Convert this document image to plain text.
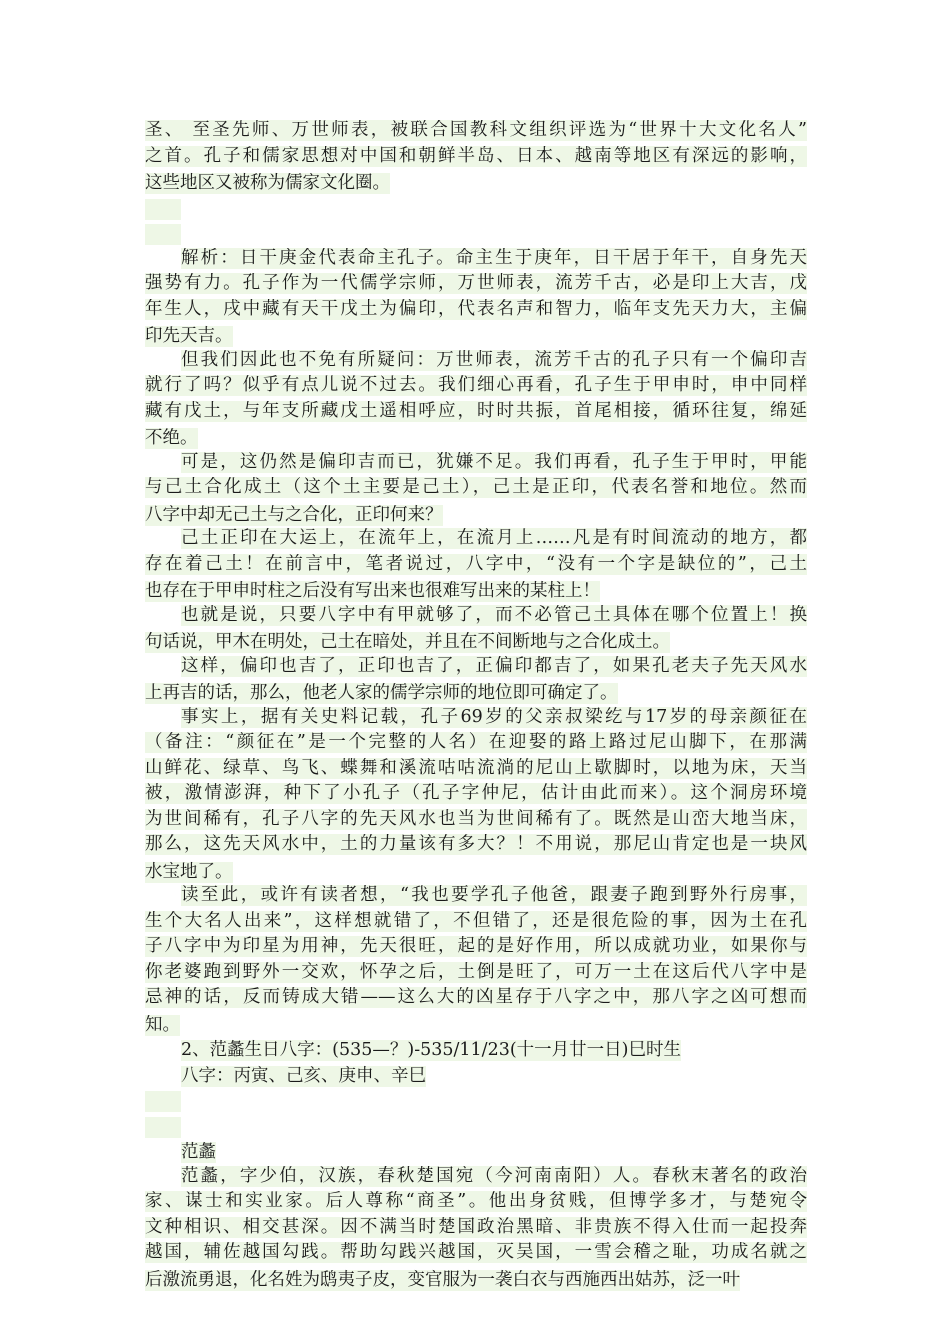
圣、 至圣先师、万世师表，被联合国教科文组织评选为“世界十大文化名人”
之首。孔子和儒家思想对中国和朝鲜半岛、日本、越南等地区有深远的影响，
这些地区又被称为儒家文化圈。
解析：日干庚金代表命主孔子。命主生于庚年，日干居于年干，自身先天
强势有力。孔子作为一代儒学宗师，万世师表，流芳千古，必是印上大吉，戊
年生人，戌中藏有天干戊土为偏印，代表名声和智力，临年支先天力大，主偏
印先天吉。
但我们因此也不免有所疑问：万世师表，流芳千古的孔子只有一个偏印吉
就行了吗？似乎有点儿说不过去。我们细心再看，孔子生于甲申时，申中同样
藏有戊土，与年支所藏戊土遥相呼应，时时共振，首尾相接，循环往复，绵延
不绝。
可是，这仍然是偏印吉而已，犹嫌不足。我们再看，孔子生于甲时，甲能
与己土合化成土（这个土主要是己土），己土是正印，代表名誉和地位。然而
八字中却无己土与之合化，正印何来？
己土正印在大运上，在流年上，在流月上……凡是有时间流动的地方，都
存在着己土！在前言中，笔者说过，八字中，“没有一个字是缺位的”，己土
也存在于甲申时柱之后没有写出来也很难写出来的某柱上！
也就是说，只要八字中有甲就够了，而不必管己土具体在哪个位置上！换
句话说，甲木在明处，己土在暗处，并且在不间断地与之合化成土。
这样，偏印也吉了，正印也吉了，正偏印都吉了，如果孔老夫子先天风水
上再吉的话，那么，他老人家的儒学宗师的地位即可确定了。
事实上，据有关史料记载，孔子69岁的父亲叔梁纥与17岁的母亲颜征在
（备注：“颜征在”是一个完整的人名）在迎娶的路上路过尼山脚下，在那满
山鲜花、绿草、鸟飞、蝶舞和溪流咕咕流淌的尼山上歇脚时，以地为床，天当
被，激情澎湃，种下了小孔子（孔子字仲尼，估计由此而来）。这个洞房环境
为世间稀有，孔子八字的先天风水也当为世间稀有了。既然是山峦大地当床，
那么，这先天风水中，土的力量该有多大？！不用说，那尼山肯定也是一块风
水宝地了。
读至此，或许有读者想，“我也要学孔子他爸，跟妻子跑到野外行房事，
生个大名人出来”，这样想就错了，不但错了，还是很危险的事，因为土在孔
子八字中为印星为用神，先天很旺，起的是好作用，所以成就功业，如果你与
你老婆跑到野外一交欢，怀孕之后，土倒是旺了，可万一土在这后代八字中是
忌神的话，反而铸成大错——这么大的凶星存于八字之中，那八字之凶可想而
知。
2、范蠡生日八字：(535—？)-535/11/23(十一月廿一日)巳时生
八字：丙寅、己亥、庚申、辛巳
范蠡
范蠡，字少伯，汉族，春秋楚国宛（今河南南阳）人。春秋末著名的政治
家、谋士和实业家。后人尊称“商圣”。他出身贫贱，但博学多才，与楚宛令
文种相识、相交甚深。因不满当时楚国政治黑暗、非贵族不得入仕而一起投奔
越国，辅佐越国勾践。帮助勾践兴越国，灭吴国，一雪会稽之耻，功成名就之
后激流勇退，化名姓为鸱夷子皮，变官服为一袭白衣与西施西出姑苏，泛一叶
